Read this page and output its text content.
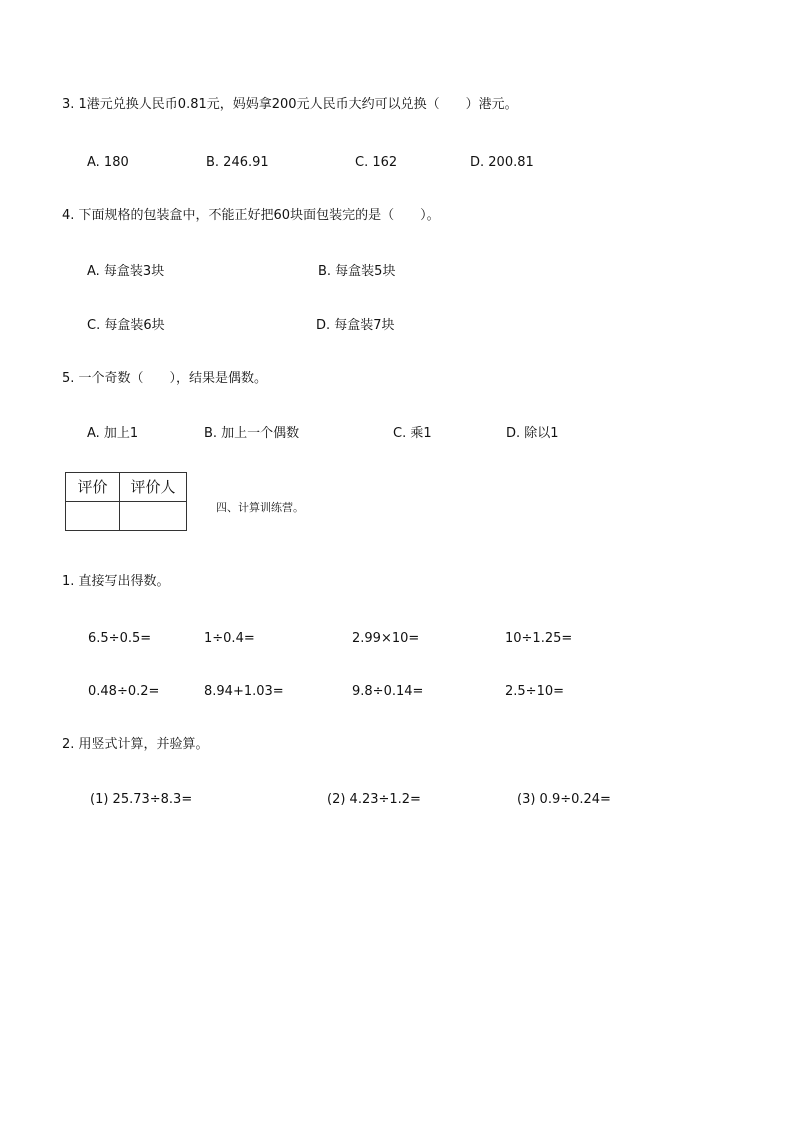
3. 1港元兑换人民币0.81元，妈妈拿200元人民币大约可以兑换（　　）港元。
A. 180	B. 246.91	C. 162	D. 200.81
4. 下面规格的包装盒中，不能正好把60块面包装完的是（　　）。
A. 每盒装3块	B. 每盒装5块
C. 每盒装6块	D. 每盒装7块
5. 一个奇数（　　），结果是偶数。
A. 加上1	B. 加上一个偶数	C. 乘1	D. 除以1
评价	评价人

四、计算训练营。
1. 直接写出得数。
6.5÷0.5=	1÷0.4=	2.99×10=	10÷1.25=
0.48÷0.2=	8.94+1.03=	9.8÷0.14=	2.5÷10=
2. 用竖式计算，并验算。
(1) 25.73÷8.3=	(2) 4.23÷1.2=	(3) 0.9÷0.24=
